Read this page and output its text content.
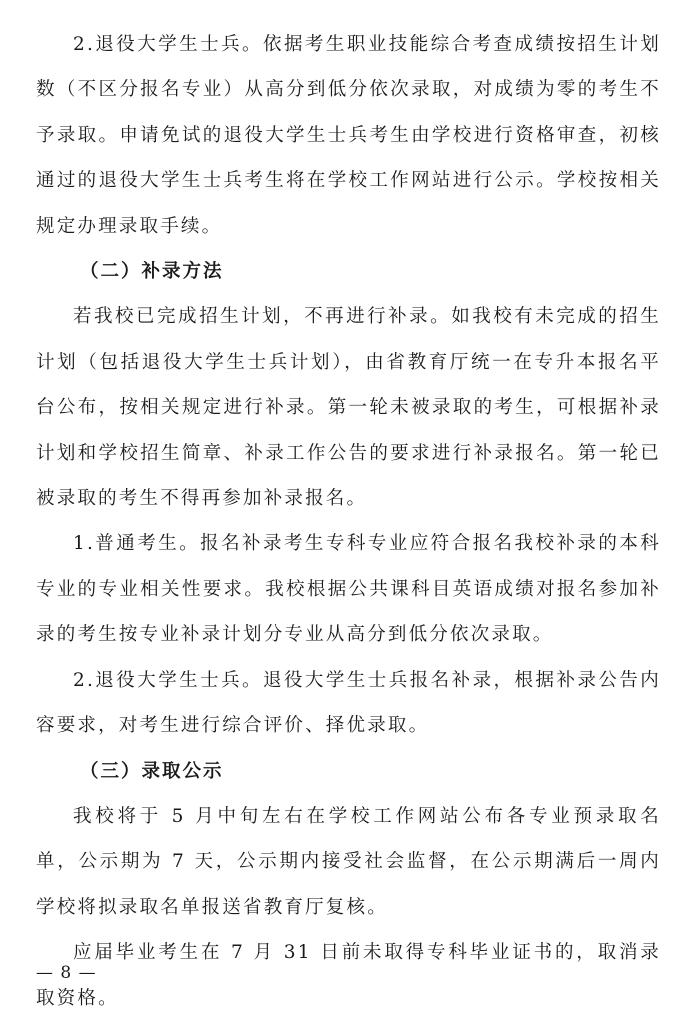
2.退役大学生士兵。依据考生职业技能综合考查成绩按招生计划数（不区分报名专业）从高分到低分依次录取，对成绩为零的考生不予录取。申请免试的退役大学生士兵考生由学校进行资格审查，初核通过的退役大学生士兵考生将在学校工作网站进行公示。学校按相关规定办理录取手续。

（二）补录方法

若我校已完成招生计划，不再进行补录。如我校有未完成的招生计划（包括退役大学生士兵计划），由省教育厅统一在专升本报名平台公布，按相关规定进行补录。第一轮未被录取的考生，可根据补录计划和学校招生简章、补录工作公告的要求进行补录报名。第一轮已被录取的考生不得再参加补录报名。

1.普通考生。报名补录考生专科专业应符合报名我校补录的本科专业的专业相关性要求。我校根据公共课科目英语成绩对报名参加补录的考生按专业补录计划分专业从高分到低分依次录取。

2.退役大学生士兵。退役大学生士兵报名补录，根据补录公告内容要求，对考生进行综合评价、择优录取。

（三）录取公示

我校将于 5 月中旬左右在学校工作网站公布各专业预录取名单，公示期为 7 天，公示期内接受社会监督，在公示期满后一周内学校将拟录取名单报送省教育厅复核。

应届毕业考生在 7 月 31 日前未取得专科毕业证书的，取消录取资格。

— 8 —
